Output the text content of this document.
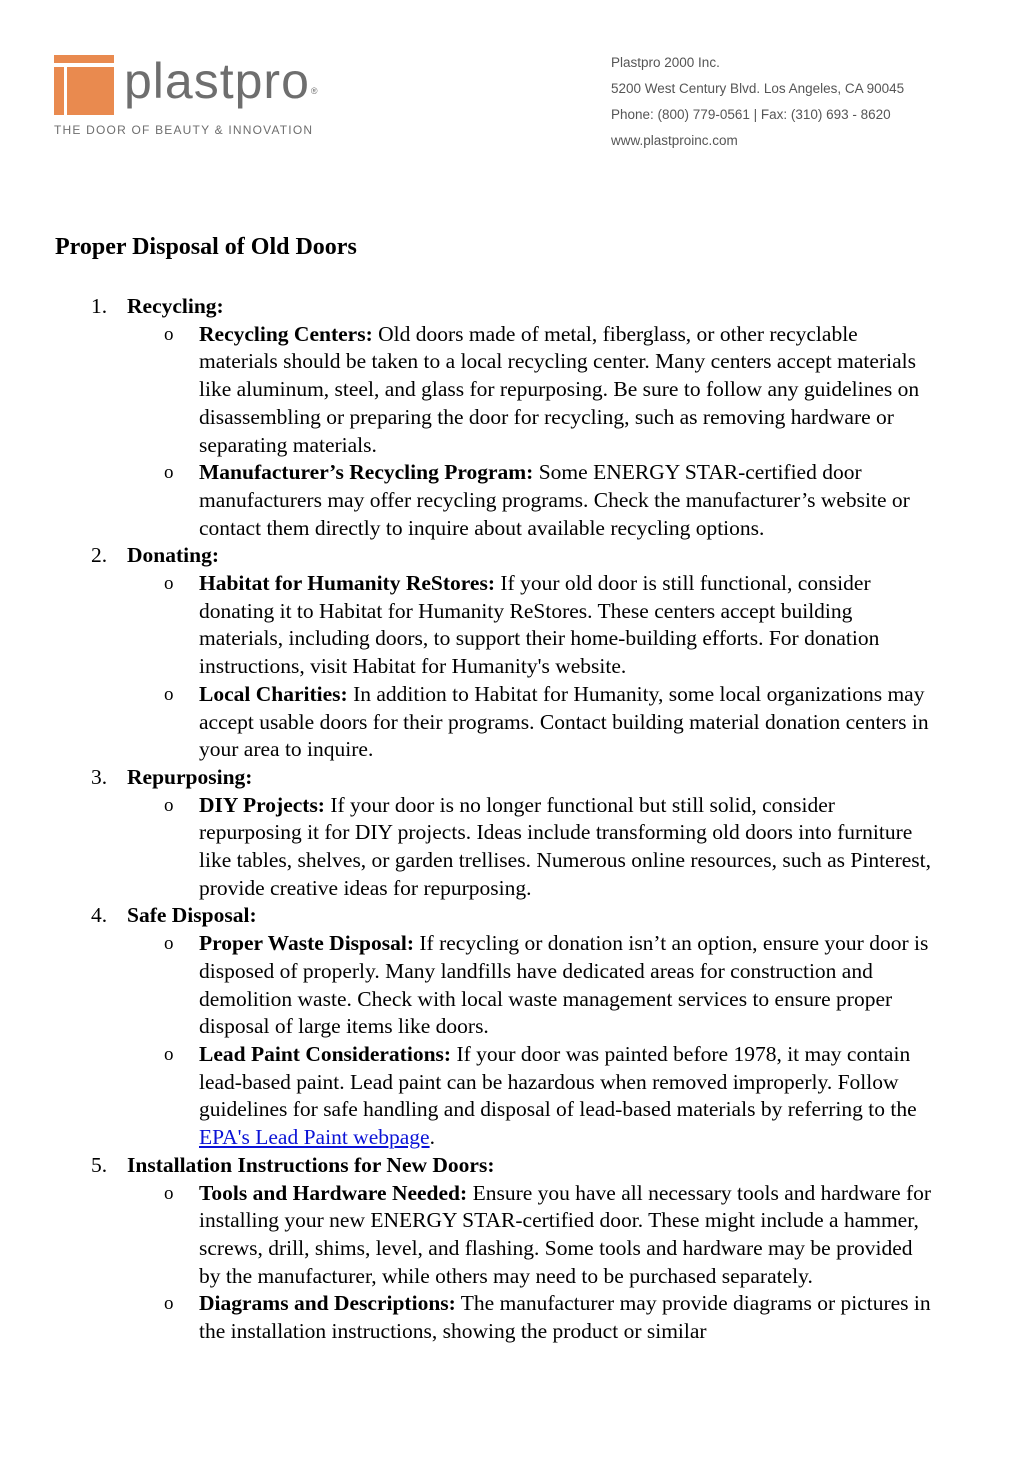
plastpro®
THE DOOR OF BEAUTY & INNOVATION
Plastpro 2000 Inc.
5200 West Century Blvd. Los Angeles, CA 90045
Phone: (800) 779-0561 | Fax: (310) 693 - 8620
www.plastproinc.com
Proper Disposal of Old Doors
1. Recycling:
o Recycling Centers: Old doors made of metal, fiberglass, or other recyclable materials should be taken to a local recycling center. Many centers accept materials like aluminum, steel, and glass for repurposing. Be sure to follow any guidelines on disassembling or preparing the door for recycling, such as removing hardware or separating materials.
o Manufacturer’s Recycling Program: Some ENERGY STAR-certified door manufacturers may offer recycling programs. Check the manufacturer’s website or contact them directly to inquire about available recycling options.
2. Donating:
o Habitat for Humanity ReStores: If your old door is still functional, consider donating it to Habitat for Humanity ReStores. These centers accept building materials, including doors, to support their home-building efforts. For donation instructions, visit Habitat for Humanity's website.
o Local Charities: In addition to Habitat for Humanity, some local organizations may accept usable doors for their programs. Contact building material donation centers in your area to inquire.
3. Repurposing:
o DIY Projects: If your door is no longer functional but still solid, consider repurposing it for DIY projects. Ideas include transforming old doors into furniture like tables, shelves, or garden trellises. Numerous online resources, such as Pinterest, provide creative ideas for repurposing.
4. Safe Disposal:
o Proper Waste Disposal: If recycling or donation isn’t an option, ensure your door is disposed of properly. Many landfills have dedicated areas for construction and demolition waste. Check with local waste management services to ensure proper disposal of large items like doors.
o Lead Paint Considerations: If your door was painted before 1978, it may contain lead-based paint. Lead paint can be hazardous when removed improperly. Follow guidelines for safe handling and disposal of lead-based materials by referring to the EPA's Lead Paint webpage.
5. Installation Instructions for New Doors:
o Tools and Hardware Needed: Ensure you have all necessary tools and hardware for installing your new ENERGY STAR-certified door. These might include a hammer, screws, drill, shims, level, and flashing. Some tools and hardware may be provided by the manufacturer, while others may need to be purchased separately.
o Diagrams and Descriptions: The manufacturer may provide diagrams or pictures in the installation instructions, showing the product or similar
